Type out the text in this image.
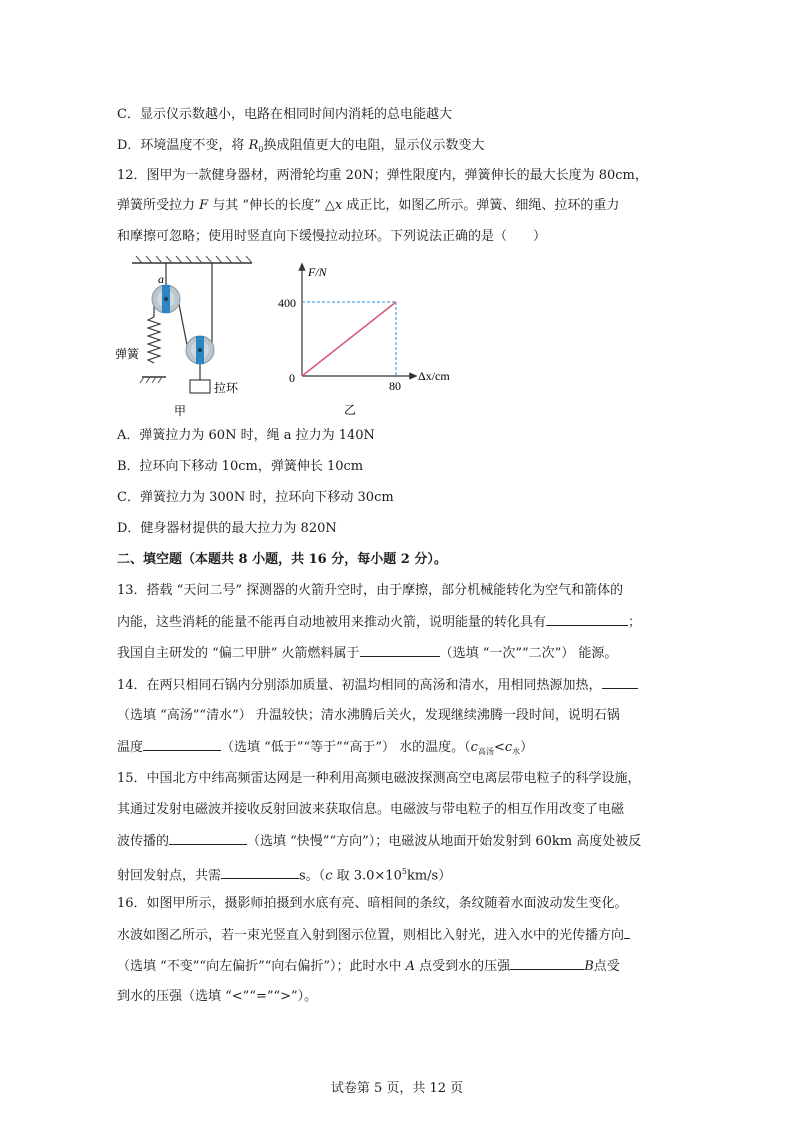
C．显示仪示数越小，电路在相同时间内消耗的总电能越大
D．环境温度不变，将 $R_0$换成阻值更大的电阻，显示仪示数变大
12．图甲为一款健身器材，两滑轮均重 20N；弹性限度内，弹簧伸长的最大长度为 80cm，
弹簧所受拉力 F 与其 “伸长的长度” △x 成正比，如图乙所示。弹簧、细绳、拉环的重力
和摩擦可忽略；使用时竖直向下缓慢拉动拉环。下列说法正确的是（　　）
a
弹簧
拉环
甲
F/N
Δx/cm
0
400
80
乙
A．弹簧拉力为 60N 时，绳 a 拉力为 140N
B．拉环向下移动 10cm，弹簧伸长 10cm
C．弹簧拉力为 300N 时，拉环向下移动 30cm
D．健身器材提供的最大拉力为 820N
二、填空题（本题共 8 小题，共 16 分，每小题 2 分）。
13．搭载 “天问二号” 探测器的火箭升空时，由于摩擦，部分机械能转化为空气和箭体的
内能，这些消耗的能量不能再自动地被用来推动火箭，说明能量的转化具有	；
我国自主研发的 “偏二甲肼” 火箭燃料属于	（选填 “一次”“二次”） 能源。
14．在两只相同石锅内分别添加质量、初温均相同的高汤和清水，用相同热源加热，
（选填 “高汤”“清水”） 升温较快；清水沸腾后关火，发现继续沸腾一段时间，说明石锅
温度	（选填 “低于”“等于”“高于”） 水的温度。$(c_{高汤}<c_水)$
15．中国北方中纬高频雷达网是一种利用高频电磁波探测高空电离层带电粒子的科学设施，
其通过发射电磁波并接收反射回波来获取信息。电磁波与带电粒子的相互作用改变了电磁
波传播的	（选填 “快慢”“方向”）；电磁波从地面开始发射到 60km 高度处被反
射回发射点，共需	s。（c 取 $3.0\times 10^5km/s$）
16．如图甲所示，摄影师拍摄到水底有亮、暗相间的条纹，条纹随着水面波动发生变化。
水波如图乙所示，若一束光竖直入射到图示位置，则相比入射光，进入水中的光传播方向
（选填 “不变”“向左偏折”“向右偏折”）；此时水中 A 点受到水的压强	B点受
到水的压强（选填 “<”“=”“>”）。
试卷第 5 页，共 12 页
